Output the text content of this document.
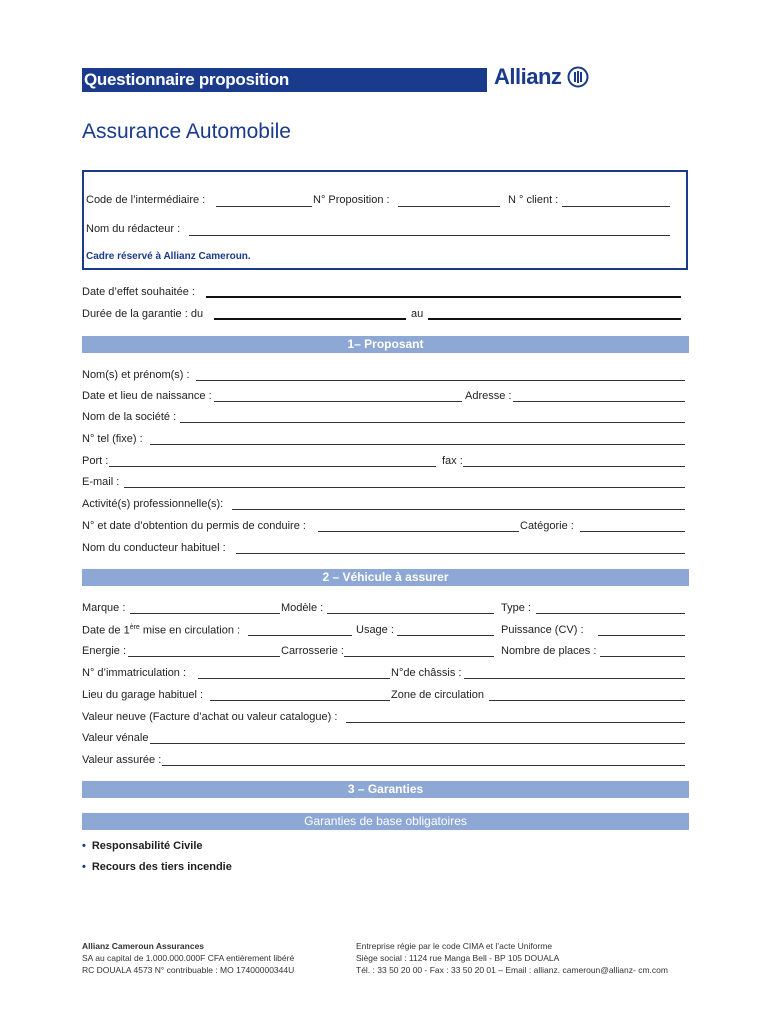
Questionnaire proposition	Allianz
Assurance Automobile
Code de l’intermédiaire :	N° Proposition :	N ° client :
Nom du rédacteur :
Cadre réservé à Allianz Cameroun.
Date d’effet souhaitée :
Durée de la garantie : du	au
1– Proposant
Nom(s) et prénom(s) :
Date et lieu de naissance :	Adresse :
Nom de la société :
N° tel (fixe) :
Port :	fax :
E-mail :
Activité(s) professionnelle(s):
N° et date d’obtention du permis de conduire :	Catégorie :
Nom du conducteur habituel :
2 – Véhicule à assurer
Marque :	Modèle :	Type :
Date de 1ère mise en circulation :	Usage :	Puissance (CV) :
Energie :	Carrosserie :	Nombre de places :
N° d’immatriculation :	N°de châssis :
Lieu du garage habituel :	Zone de circulation
Valeur neuve (Facture d’achat ou valeur catalogue) :
Valeur vénale
Valeur assurée :
3 – Garanties
Garanties de base obligatoires
• Responsabilité Civile
• Recours des tiers incendie
Allianz Cameroun Assurances
SA au capital de 1.000.000.000F CFA entièrement libéré
RC DOUALA 4573 N° contribuable : MO 17400000344U
Entreprise régie par le code CIMA et l’acte Uniforme
Siège social : 1124 rue Manga Bell - BP 105 DOUALA
Tél. : 33 50 20 00 - Fax : 33 50 20 01 – Email : allianz. cameroun@allianz- cm.com
